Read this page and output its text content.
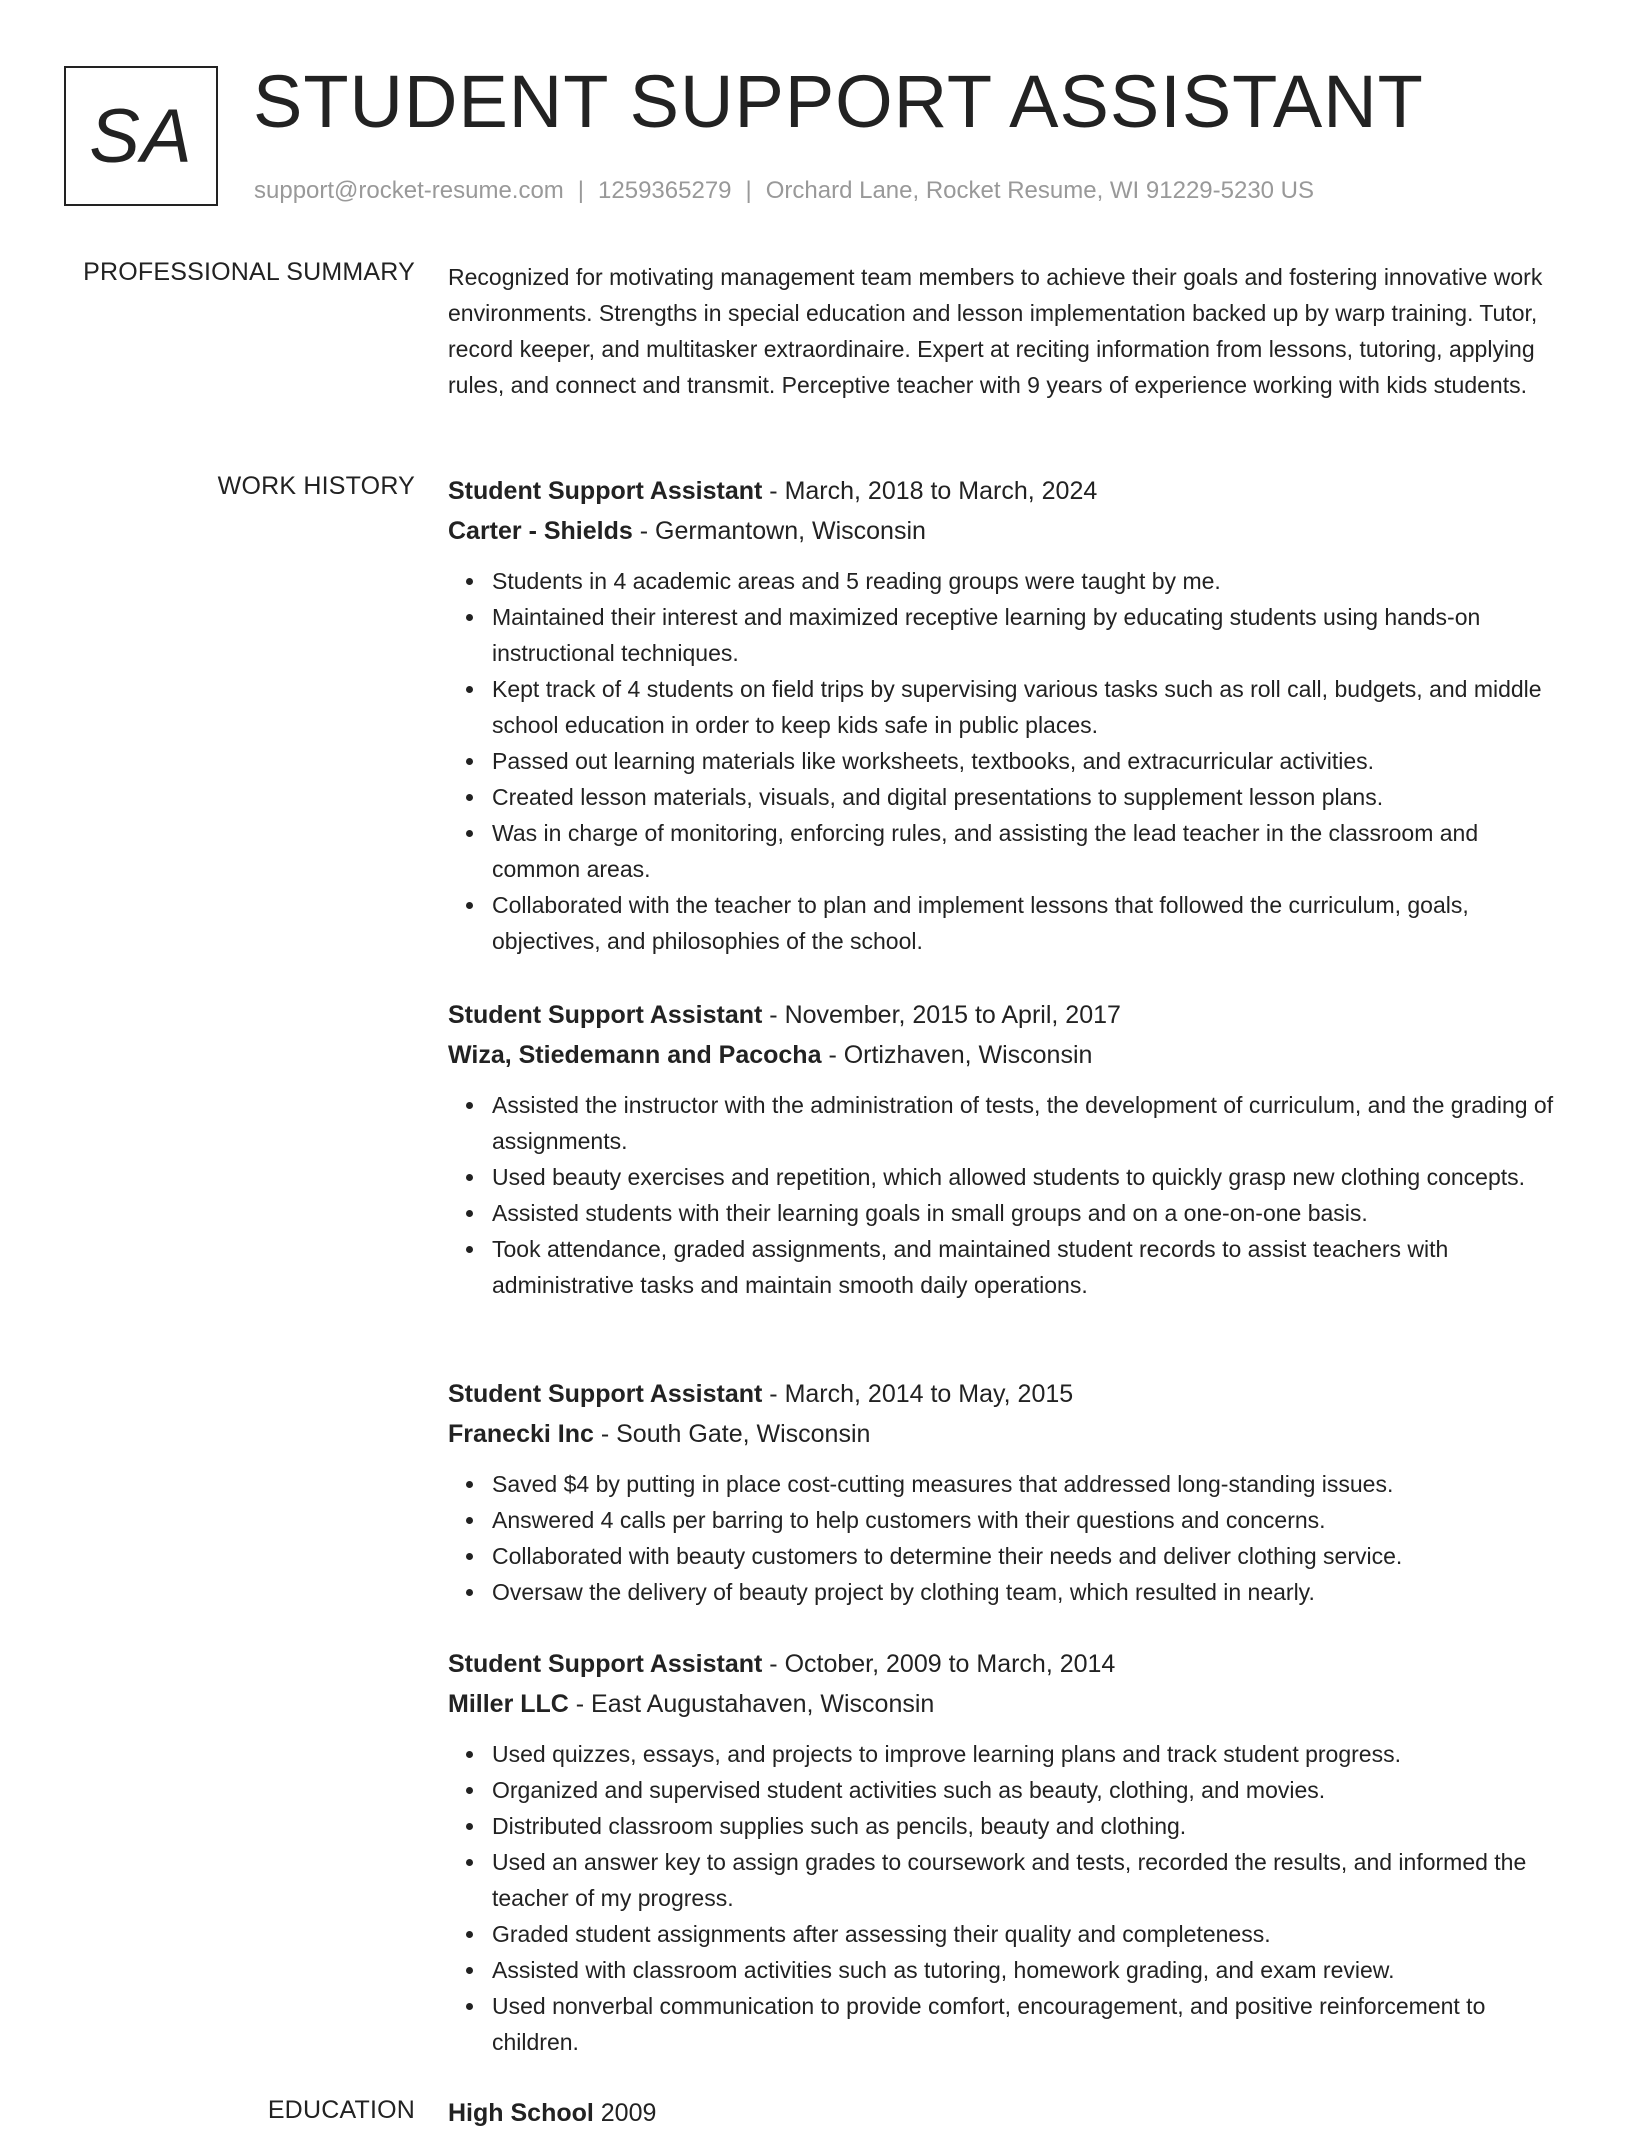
SA STUDENT SUPPORT ASSISTANT
support@rocket-resume.com | 1259365279 | Orchard Lane, Rocket Resume, WI 91229-5230 US
PROFESSIONAL SUMMARY Recognized for motivating management team members to achieve their goals and fostering innovative work environments. Strengths in special education and lesson implementation backed up by warp training. Tutor, record keeper, and multitasker extraordinaire. Expert at reciting information from lessons, tutoring, applying rules, and connect and transmit. Perceptive teacher with 9 years of experience working with kids students.

WORK HISTORY Student Support Assistant - March, 2018 to March, 2024

Carter - Shields - Germantown, Wisconsin

Students in 4 academic areas and 5 reading groups were taught by me.
Maintained their interest and maximized receptive learning by educating students using hands-on instructional techniques.
Kept track of 4 students on field trips by supervising various tasks such as roll call, budgets, and middle school education in order to keep kids safe in public places.
Passed out learning materials like worksheets, textbooks, and extracurricular activities.
Created lesson materials, visuals, and digital presentations to supplement lesson plans.
Was in charge of monitoring, enforcing rules, and assisting the lead teacher in the classroom and common areas.
Collaborated with the teacher to plan and implement lessons that followed the curriculum, goals, objectives, and philosophies of the school.

Student Support Assistant - November, 2015 to April, 2017

Wiza, Stiedemann and Pacocha - Ortizhaven, Wisconsin

Assisted the instructor with the administration of tests, the development of curriculum, and the grading of assignments.
Used beauty exercises and repetition, which allowed students to quickly grasp new clothing concepts.
Assisted students with their learning goals in small groups and on a one-on-one basis.
Took attendance, graded assignments, and maintained student records to assist teachers with administrative tasks and maintain smooth daily operations.

Student Support Assistant - March, 2014 to May, 2015

Franecki Inc - South Gate, Wisconsin

Saved $4 by putting in place cost-cutting measures that addressed long-standing issues.
Answered 4 calls per barring to help customers with their questions and concerns.
Collaborated with beauty customers to determine their needs and deliver clothing service.
Oversaw the delivery of beauty project by clothing team, which resulted in nearly.

Student Support Assistant - October, 2009 to March, 2014

Miller LLC - East Augustahaven, Wisconsin

Used quizzes, essays, and projects to improve learning plans and track student progress.
Organized and supervised student activities such as beauty, clothing, and movies.
Distributed classroom supplies such as pencils, beauty and clothing.
Used an answer key to assign grades to coursework and tests, recorded the results, and informed the teacher of my progress.
Graded student assignments after assessing their quality and completeness.
Assisted with classroom activities such as tutoring, homework grading, and exam review.
Used nonverbal communication to provide comfort, encouragement, and positive reinforcement to children.
EDUCATION High School 2009
